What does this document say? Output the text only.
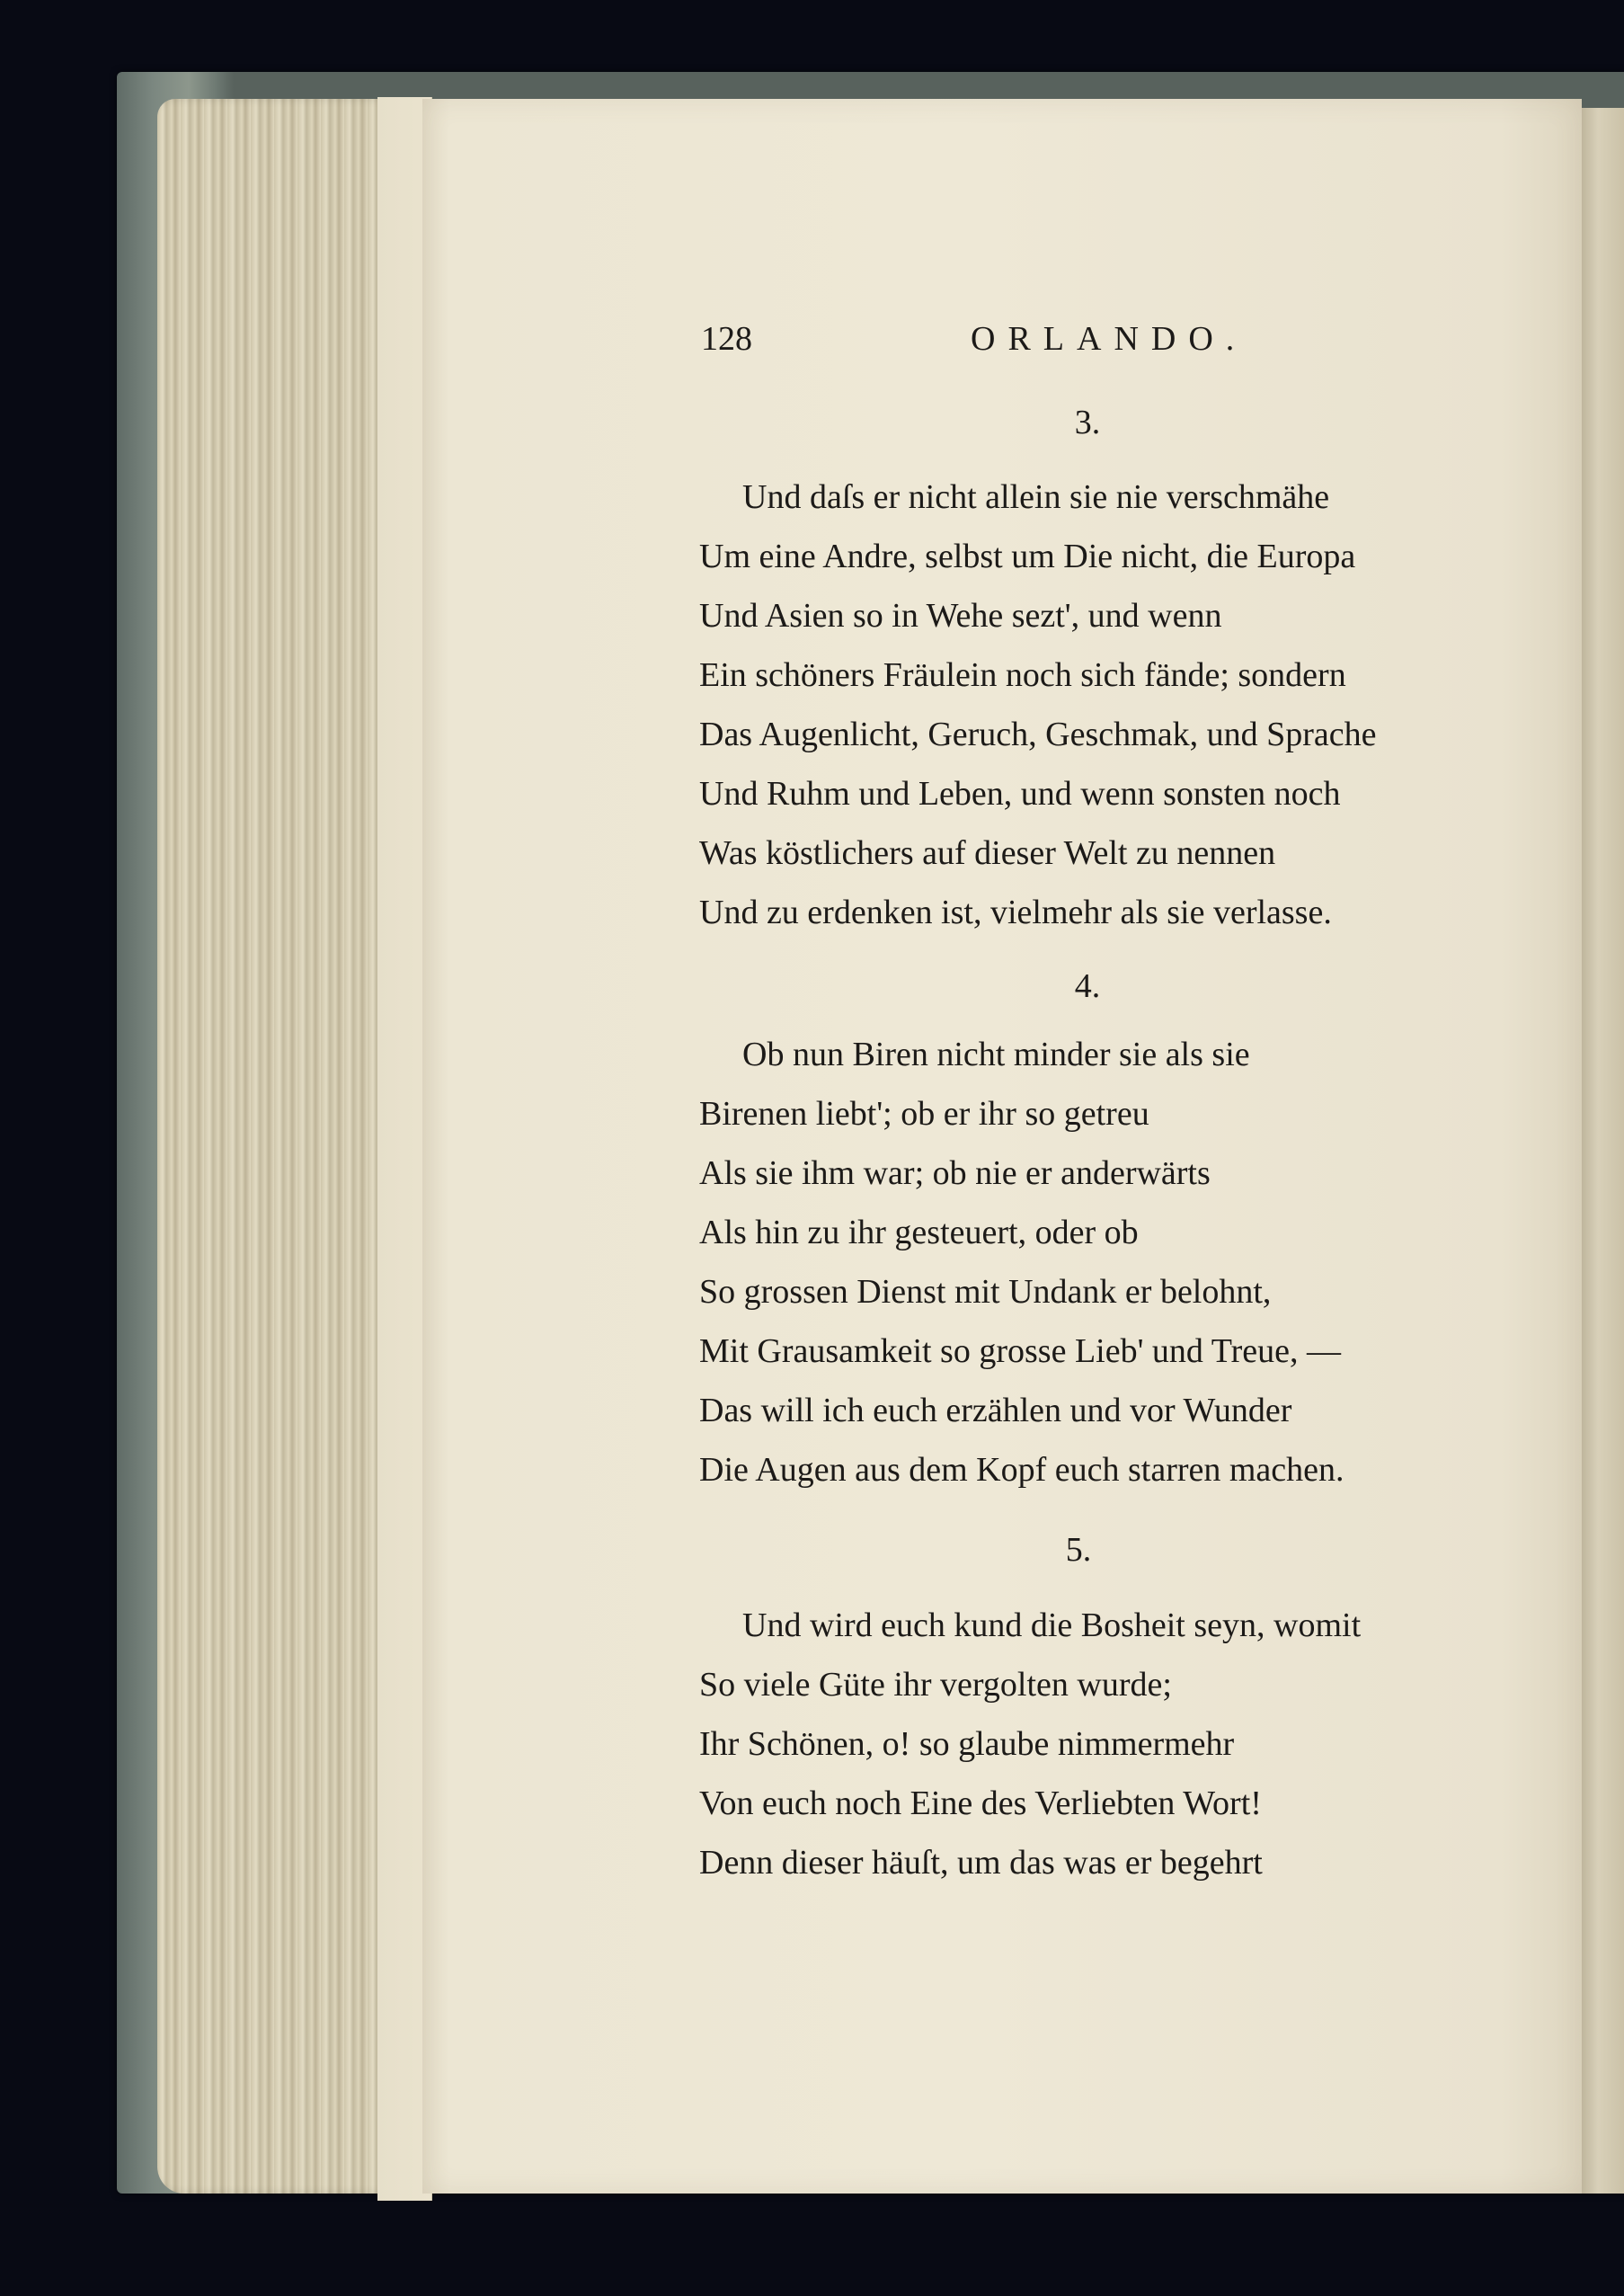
128	ORLANDO.
3.
Und daſs er nicht allein sie nie verschmähe
Um eine Andre, selbst um Die nicht, die Europa
Und Asien so in Wehe sezt', und wenn
Ein schöners Fräulein noch sich fände; sondern
Das Augenlicht, Geruch, Geschmak, und Sprache
Und Ruhm und Leben, und wenn sonsten noch
Was köstlichers auf dieser Welt zu nennen
Und zu erdenken ist, vielmehr als sie verlasse.
4.
Ob nun Biren nicht minder sie als sie
Birenen liebt'; ob er ihr so getreu
Als sie ihm war; ob nie er anderwärts
Als hin zu ihr gesteuert, oder ob
So grossen Dienst mit Undank er belohnt,
Mit Grausamkeit so grosse Lieb' und Treue, —
Das will ich euch erzählen und vor Wunder
Die Augen aus dem Kopf euch starren machen.
5.
Und wird euch kund die Bosheit seyn, womit
So viele Güte ihr vergolten wurde;
Ihr Schönen, o! so glaube nimmermehr
Von euch noch Eine des Verliebten Wort!
Denn dieser häuſt, um das was er begehrt
